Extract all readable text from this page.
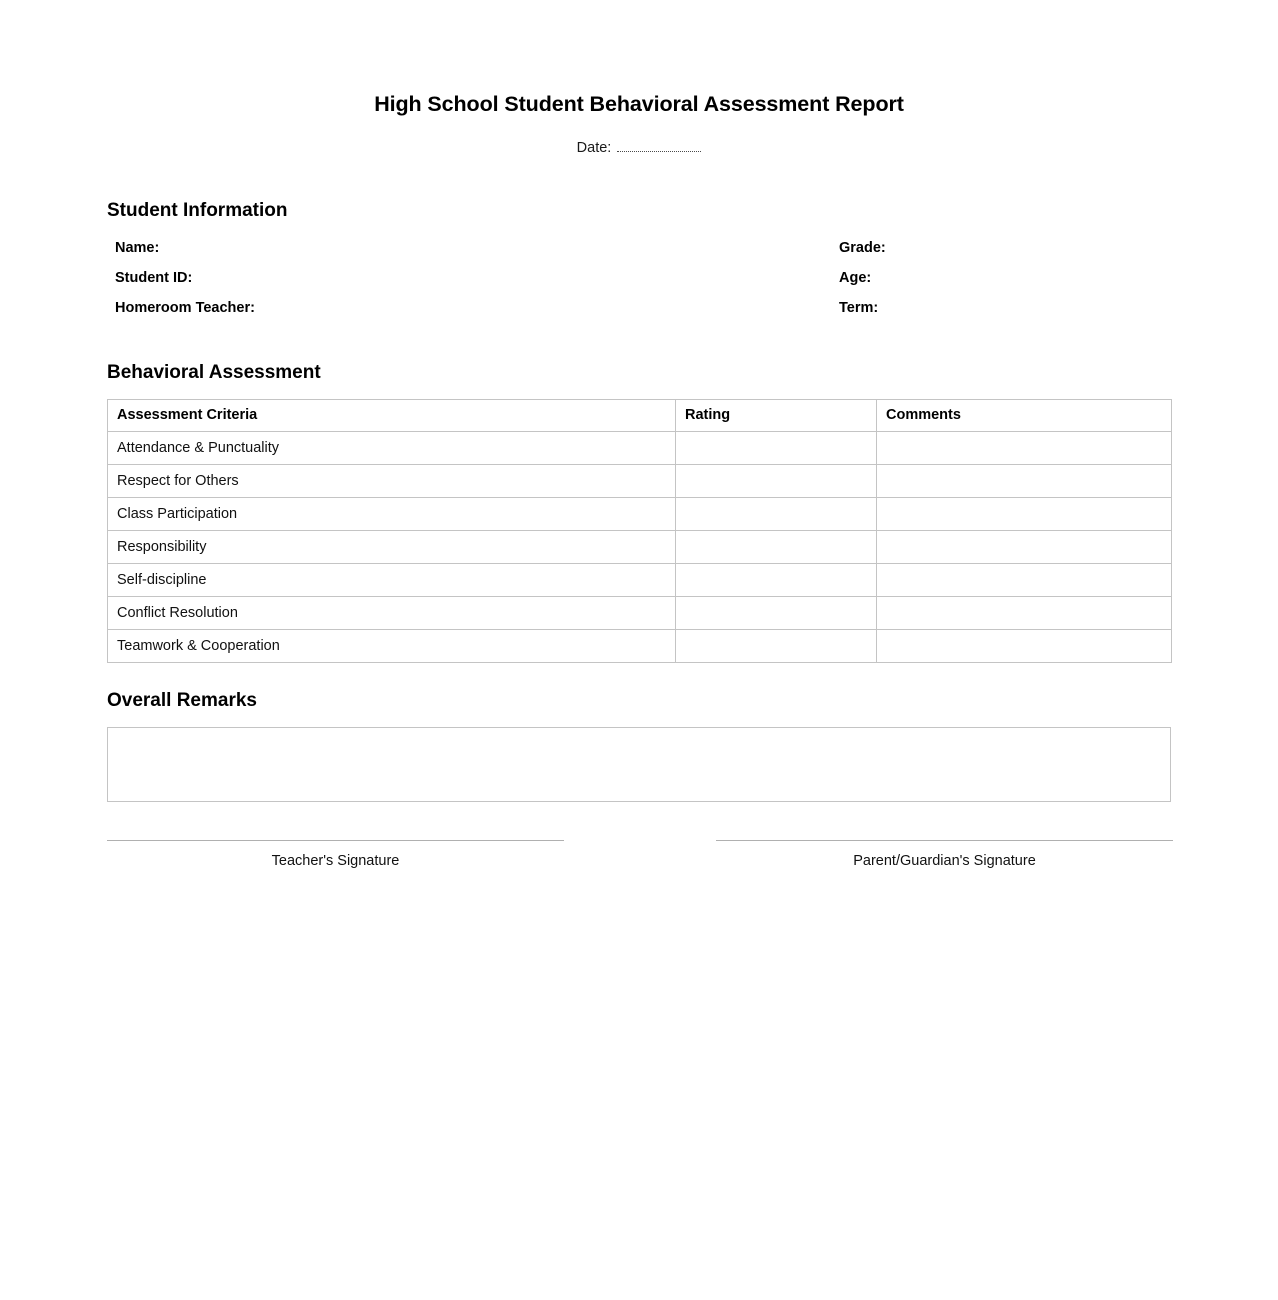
High School Student Behavioral Assessment Report
Date:
Student Information
Name:	Grade:
Student ID:	Age:
Homeroom Teacher:	Term:
Behavioral Assessment
Assessment Criteria	Rating	Comments
Attendance & Punctuality		
Respect for Others		
Class Participation		
Responsibility		
Self-discipline		
Conflict Resolution		
Teamwork & Cooperation		
Overall Remarks
Teacher's Signature	Parent/Guardian's Signature
